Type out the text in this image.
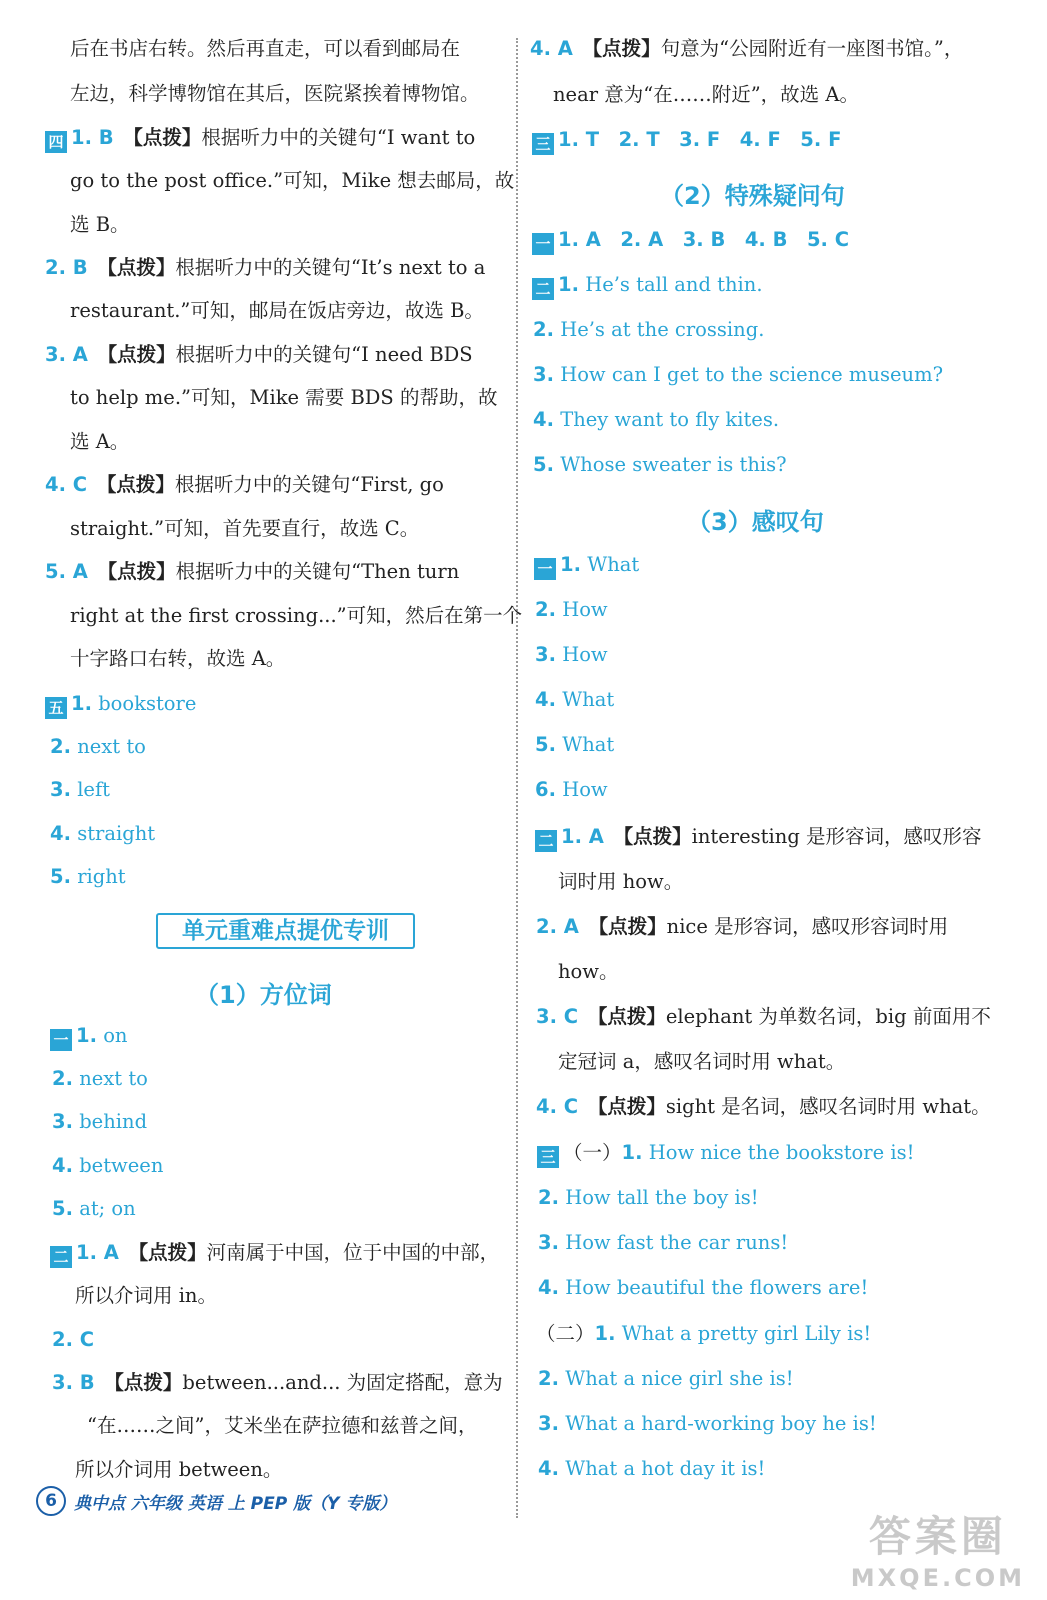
后在书店右转。然后再直走，可以看到邮局在
左边，科学博物馆在其后，医院紧挨着博物馆。
四 1. B　 【点拨】根据听力中的关键句“I want to
go to the post office.”可知，Mike 想去邮局，故
选 B。
2. B　 【点拨】根据听力中的关键句“It’s next to a
restaurant.”可知，邮局在饭店旁边，故选 B。
3. A　 【点拨】根据听力中的关键句“I need BDS
to help me.”可知，Mike 需要 BDS 的帮助，故
选 A。
4. C　 【点拨】根据听力中的关键句“First, go
straight.”可知，首先要直行，故选 C。
5. A　 【点拨】根据听力中的关键句“Then turn
right at the first crossing...”可知，然后在第一个
十字路口右转，故选 A。
五 1. bookstore
2. next to
3. left
4. straight
5. right
单元重难点提优专训
（1）方位词
一 1. on
2. next to
3. behind
4. between
5. at; on
二 1. A　 【点拨】河南属于中国，位于中国的中部，
所以介词用 in。
2. C
3. B　 【点拨】between...and... 为固定搭配，意为
“在……之间”，艾米坐在萨拉德和兹普之间，
所以介词用 between。
4. A　 【点拨】句意为“公园附近有一座图书馆。”，
near 意为“在……附近”，故选 A。
三 1. T　2. T　3. F　4. F　5. F
（2）特殊疑问句
一 1. A　2. A　3. B　4. B　5. C
二 1. He’s tall and thin.
2. He’s at the crossing.
3. How can I get to the science museum?
4. They want to fly kites.
5. Whose sweater is this?
（3）感叹句
一 1. What
2. How
3. How
4. What
5. What
6. How
二 1. A　 【点拨】interesting 是形容词，感叹形容
词时用 how。
2. A　 【点拨】nice 是形容词，感叹形容词时用
how。
3. C　 【点拨】elephant 为单数名词，big 前面用不
定冠词 a，感叹名词时用 what。
4. C　 【点拨】sight 是名词，感叹名词时用 what。
三 （一）1. How nice the bookstore is!
2. How tall the boy is!
3. How fast the car runs!
4. How beautiful the flowers are!
（二）1. What a pretty girl Lily is!
2. What a nice girl she is!
3. What a hard-working boy he is!
4. What a hot day it is!
6 典中点 六年级 英语 上 PEP 版（Y 专版）
答案圈
MXQE.COM
